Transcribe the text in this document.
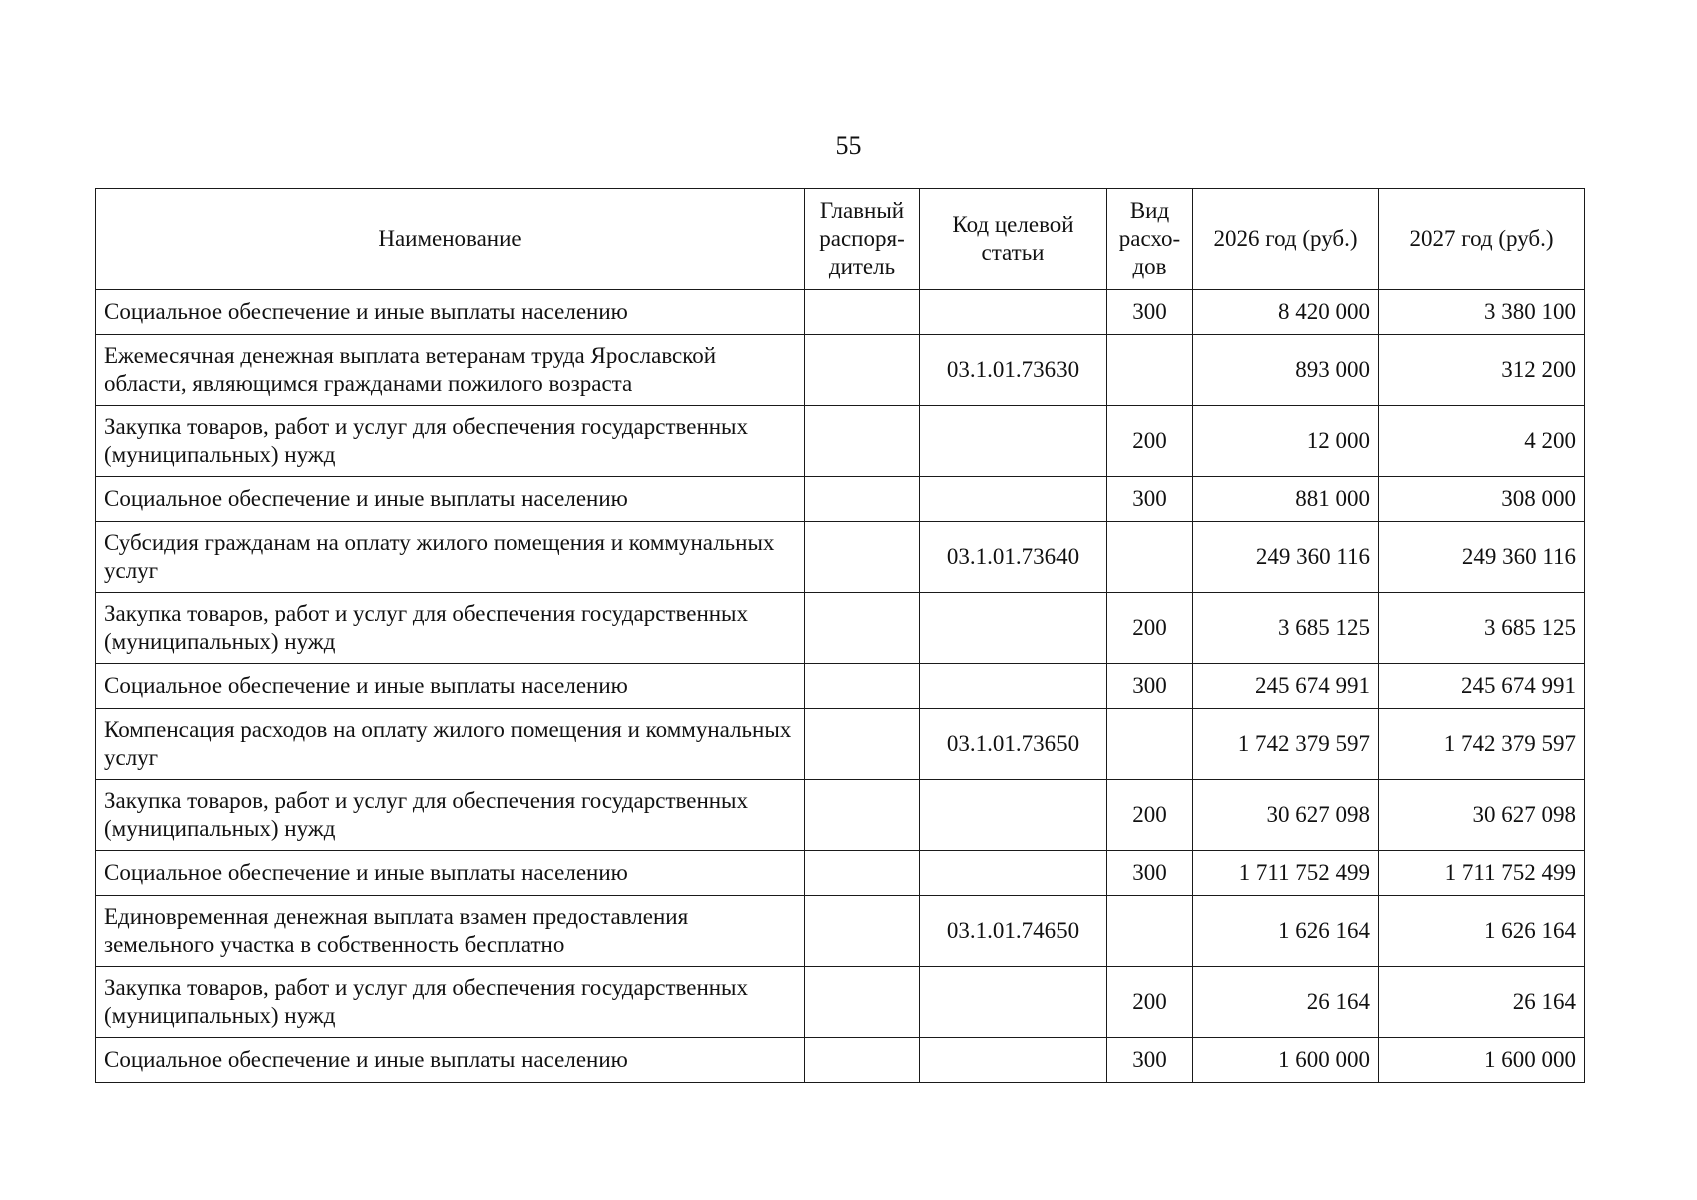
55
Наименование	Главный распоря-дитель	Код целевой статьи	Вид расхо-дов	2026 год (руб.)	2027 год (руб.)
Социальное обеспечение и иные выплаты населению			300	8 420 000	3 380 100
Ежемесячная денежная выплата ветеранам труда Ярославской области, являющимся гражданами пожилого возраста		03.1.01.73630		893 000	312 200
Закупка товаров, работ и услуг для обеспечения государственных (муниципальных) нужд			200	12 000	4 200
Социальное обеспечение и иные выплаты населению			300	881 000	308 000
Субсидия гражданам на оплату жилого помещения и коммунальных услуг		03.1.01.73640		249 360 116	249 360 116
Закупка товаров, работ и услуг для обеспечения государственных (муниципальных) нужд			200	3 685 125	3 685 125
Социальное обеспечение и иные выплаты населению			300	245 674 991	245 674 991
Компенсация расходов на оплату жилого помещения и коммунальных услуг		03.1.01.73650		1 742 379 597	1 742 379 597
Закупка товаров, работ и услуг для обеспечения государственных (муниципальных) нужд			200	30 627 098	30 627 098
Социальное обеспечение и иные выплаты населению			300	1 711 752 499	1 711 752 499
Единовременная денежная выплата взамен предоставления земельного участка в собственность бесплатно		03.1.01.74650		1 626 164	1 626 164
Закупка товаров, работ и услуг для обеспечения государственных (муниципальных) нужд			200	26 164	26 164
Социальное обеспечение и иные выплаты населению			300	1 600 000	1 600 000
